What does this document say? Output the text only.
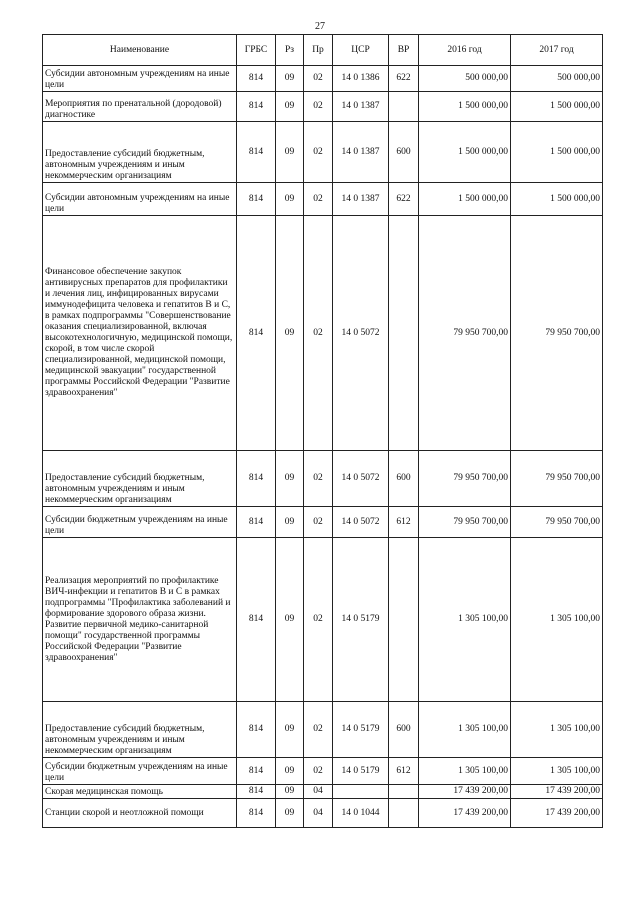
27
Наименование	ГРБС	Рз	Пр	ЦСР	ВР	2016 год	2017 год
Субсидии автономным учреждениям на иные цели	814	09	02	14 0 1386	622	500 000,00	500 000,00
Мероприятия по пренатальной (дородовой) диагностике	814	09	02	14 0 1387		1 500 000,00	1 500 000,00
Предоставление субсидий бюджетным, автономным учреждениям и иным некоммерческим организациям	814	09	02	14 0 1387	600	1 500 000,00	1 500 000,00
Субсидии автономным учреждениям на иные цели	814	09	02	14 0 1387	622	1 500 000,00	1 500 000,00
Финансовое обеспечение закупок антивирусных препаратов для профилактики и лечения лиц, инфицированных вирусами иммунодефицита человека и гепатитов В и С, в рамках подпрограммы "Совершенствование оказания специализированной, включая высокотехнологичную, медицинской помощи, скорой, в том числе скорой специализированной, медицинской помощи, медицинской эвакуации" государственной программы Российской Федерации "Развитие здравоохранения"	814	09	02	14 0 5072		79 950 700,00	79 950 700,00
Предоставление субсидий бюджетным, автономным учреждениям и иным некоммерческим организациям	814	09	02	14 0 5072	600	79 950 700,00	79 950 700,00
Субсидии бюджетным учреждениям на иные цели	814	09	02	14 0 5072	612	79 950 700,00	79 950 700,00
Реализация мероприятий по профилактике ВИЧ-инфекции и гепатитов В и С в рамках подпрограммы "Профилактика заболеваний и формирование здорового образа жизни. Развитие первичной медико-санитарной помощи" государственной программы Российской Федерации "Развитие здравоохранения"	814	09	02	14 0 5179		1 305 100,00	1 305 100,00
Предоставление субсидий бюджетным, автономным учреждениям и иным некоммерческим организациям	814	09	02	14 0 5179	600	1 305 100,00	1 305 100,00
Субсидии бюджетным учреждениям на иные цели	814	09	02	14 0 5179	612	1 305 100,00	1 305 100,00
Скорая медицинская помощь	814	09	04			17 439 200,00	17 439 200,00
Станции скорой и неотложной помощи	814	09	04	14 0 1044		17 439 200,00	17 439 200,00
